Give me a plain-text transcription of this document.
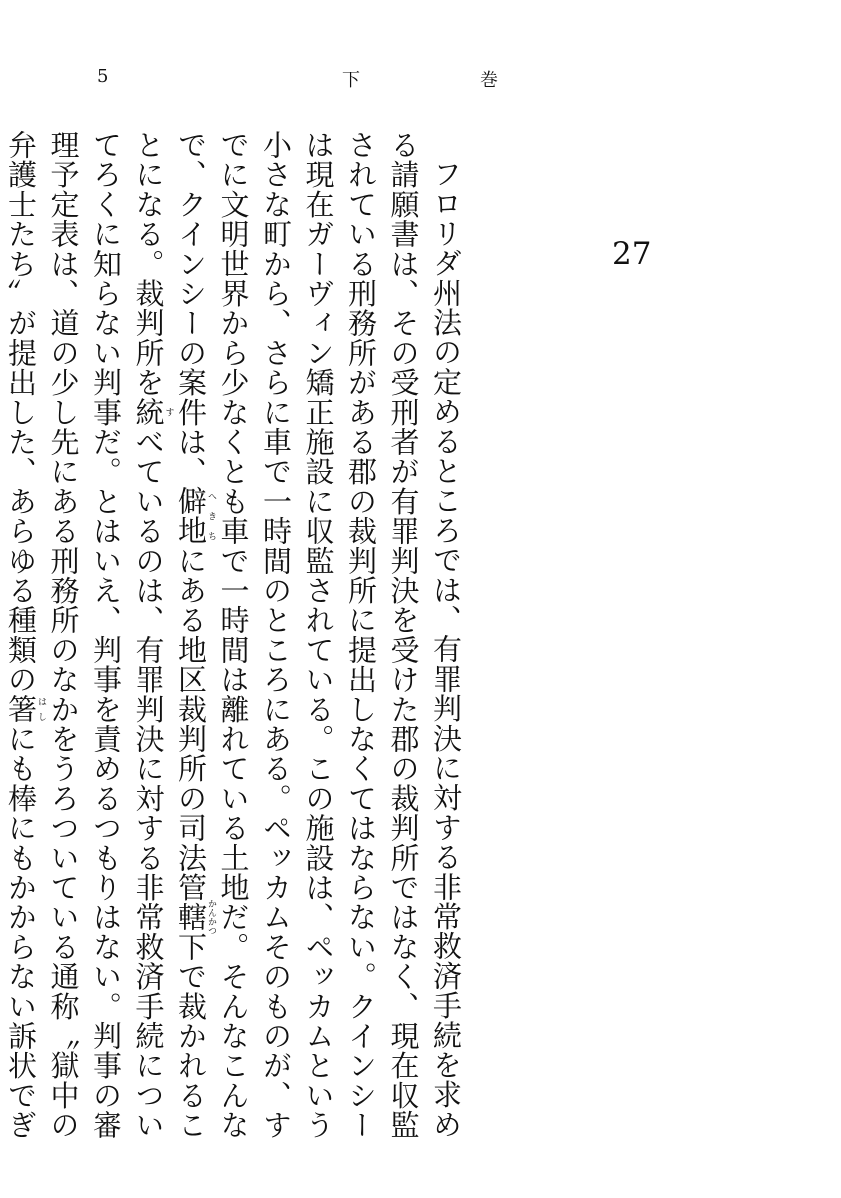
5	下	巻
27

フロリダ州法の定めるところでは、有罪判決に対する非常救済手続を求める請願書は、その受刑者が有罪判決を受けた郡の裁判所ではなく、現在収監されている刑務所がある郡の裁判所に提出しなくてはならない。クインシーは現在ガーヴィン矯正施設に収監されている。この施設は、ペッカムという小さな町から、さらに車で一時間のところにある。ペッカムそのものが、すでに文明世界から少なくとも車で一時間は離れている土地だ。そんなこんなで、クインシーの案件は、僻地へきちにある地区裁判所の司法管轄かんかつ下で裁かれることになる。裁判所を統すべているのは、有罪判決に対する非常救済手続についてろくに知らない判事だ。とはいえ、判事を責めるつもりはない。判事の審理予定表は、道の少し先にある刑務所のなかをうろついている通称〝獄中の弁護士たち〟が提出した、あらゆる種類の箸はしにも棒にもかからない訴状でぎ
